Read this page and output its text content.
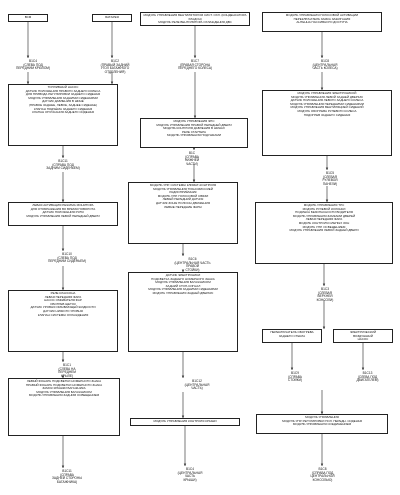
ВСМ	БАТАРЕЯ	МОДУЛЬ УПРАВЛЕНИЯ ВЕНТИЛЯТОРОМ СИСТ. ОХЛ. (КОНДЕНСАТОРА ХЛАДОН)
МОДУЛЬ РЕЛЕ ВЕНТИЛЯТОРА ОХЛАЖДЕНИЯ ДВС
МОДУЛЬ УПРАВЛЕНИЯ ГОЛОСОВОЙ АКТИВАЦИИ
ПЕРЕКЛЮЧАТЕЛЬ ЗАМКА ЗАЖИГАНИЯ
АНТЕННА ПАССИВНОГО ДОСТУПА
B1C4
(СЛЕВА ПОД
ПЕРЕДНИМ КРЫЛОМ)
B1C2
(ПРАВЫЙ ЗАДНИЙ
УГОЛ БАГАЖНОГО
ОТДЕЛЕНИЯ)
B1C7
(ПРАВАЯ СТОРОНА
ПЕРЕДНЕГО КОЛЕСА)
B1C8
(ЦЕНТРАЛЬНАЯ
ЧАСТЬ КОЛЕСА)
ТОПЛИВНЫЙ НАСОС
ДАТЧИК ПОЛОЖЕНИЯ ПРАВОГО ЗАДНЕГО КОЛЕСА
ДЛЯ ПРИВОДА РЕГУЛИРОВКИ ЗАДНЕГО СИДЕНЬЯ
МОДУЛЬ УПРАВЛЕНИЯ ЗАДНИМИ СИДЕНЬЯМИ
ДАТЧИК ДАВЛЕНИЯ В ШИНЕ
(ПРАВОЕ ЗАДНЕЕ, ЛЕВОЕ, ЗАДНЕЕ СИДЕНЬЕ)
КЛАПАН ПОДЪЁМА ЗАДНЕГО СИДЕНЬЯ
КЛАПАН ОПУСКАНИЯ ЗАДНЕГО СИДЕНЬЯ
МОДУЛЬ УПРАВЛЕНИЯ ЭПС
МОДУЛЬ УПРАВЛЕНИЯ ПРАВОЙ ПЕРЕДНЕЙ ДВЕРИ
МОДУЛЬ КОНТРОЛЯ ДАВЛЕНИЯ В ШИНАХ
РЕЛЕ СТАРТЕРА
МОДУЛЬ УПРАВЛЕНИЯ ПОДУШКАМИ
МОДУЛЬ УПРАВЛЕНИЯ ЭЛЕКТРОНИКОЙ
МОДУЛЬ УПРАВЛЕНИЯ ЛЕВОЙ ЗАДНЕЙ ДВЕРЬЮ
ДАТЧИК ПОЛОЖЕНИЯ ЛЕВОГО ЗАДНЕГО КОЛЕСА
МОДУЛЬ УПРАВЛЕНИЯ ПЕРЕДНИМИ СИДЕНЬЯМИ
МОДУЛЬ УПРАВЛЕНИЯ ВЕНТИЛЯЦИЕЙ СИДЕНИЙ
МОДУЛЬ ОБОГРЕВА РУЛЕВОГО КОЛЕСА
ПОДОГРЕВ ЗАДНЕГО СИДЕНЬЯ
B1C11
(СПРАВА ПОД
ЗАДНИМ СИДЕНЬЕМ)
B1C
(СПРАВА
НИЖНЕЙ
ЧАСТИ)
B1C5
(СЛЕВАЯ
РУЛЕВОЙ
ПАНЕЛИ)
МОДУЛЬ УПР. СИСТЕМЫ КЛИМАТ-КОНТРОЛЯ
МОДУЛЬ УПРАВЛЕНИЯ ТРАНСМИССИЕЙ
РАДИОПРИЁМНИК
МОДУЛЬ УПР. ГОЛОСОВОЙ СВЯЗИ
ЛЕВЫЙ ПЕРЕДНИЙ ДАТЧИК
ДАТЧИК ЗОНЫ ПОЛОСЫ ДВИЖЕНИЯ
ЛЕВЫЕ ПЕРЕДНИЕ ФАРЫ
ЛЕВАЯ АКТИВАЦИЯ РЕЖИМА МОНИТОРА
ДЛЯ ОТОБРАЖЕНИЯ ВО ВРЕМЯ ПОВОРОТА
ДАТЧИК ПОЛОЖЕНИЯ РУЛЯ
МОДУЛЬ УПРАВЛЕНИЯ ЛЕВОЙ ПЕРЕДНЕЙ ДВЕРИ
МОДУЛЬ УПРАВЛЕНИЯ ТРС
МОДУЛЬ РУЛЕВОЙ КОЛОНКИ
ПОДУШКА БЕЗОПАСНОСТИ ВОДИТЕЛЯ
МОДУЛЬ УПРАВЛЕНИЯ ЗАМКАМИ ДВЕРЕЙ
ЛЕВАЯ ПЕРЕДНЯЯ ФАРА
МОДУЛЬ КОНТРОЛЯ СЛЕПЫХ ЗОН
МОДУЛЬ УПР. ОСВЕЩЕНИЕМ
МОДУЛЬ УПРАВЛЕНИЯ ЛЕВОЙ ЗАДНЕЙ ДВЕРИ
B1C6
(ЦЕНТРАЛЬНАЯ ЧАСТЬ
ПРАВОЙ
СТОЙКИ)
B1C3
(СЛЕВАЯ
ВЕРХНЕЙ
КОНСОЛИ)
B1C10
(СЛЕВА ПОД
ПЕРЕДНИМ СИДЕНЬЕМ)
РЕЛЕ КЛАКСОНА
ЛЕВАЯ ПЕРЕДНЯЯ ФАРА
НАСОС ОМЫВАТЕЛЯ ФАР
ОБОГРЕВ ЩЕТОК
ДАТЧИК УРОВНЯ ОМЫВАЮЩЕЙ ЖИДКОСТИ
ДАТЧИК НИЗКОГО УРОВНЯ
КЛАПАН СИСТЕМЫ ОХЛАЖДЕНИЯ
ДАТЧИК ЭЛЕКТРОНИКИ
ПОДСВЕТКА ЗАДНЕГО НОМЕРНОГО ЗНАКА
МОДУЛЬ УПРАВЛЕНИЯ БАГАЖНИКОМ
ЗАДНИЙ СТОП-СИГНАЛ
МОДУЛЬ УПРАВЛЕНИЯ ЗАДНИМИ СИДЕНЬЯМИ
МОДУЛЬ УПРАВЛЕНИЯ ЗАДНЕЙ ДВЕРЬЮ
ПЕРЕКЛЮЧАТЕЛЬ ОБОГРЕВА
ЗАДНЕГО СТЕКЛА
ЭЛЕКТРИЧЕСКИЙ
ВОЗДУШНЫЙ
НАСОС
B1C1
(СЛЕВА НА
ПЕРЕДНЕМ
КРЫЛЕ)
B1C12
(ЦЕНТРАЛЬНАЯ
ЧАСТЬ)
B1C9
(СПРАВА
СТОЙКИ)
B1C13
(СЛЕВА ПОД
ДВИГАТЕЛЕМ)
ЛЕВЫЙ ФОНАРЬ ПОДСВЕТКИ НОМЕРНОГО ЗНАКА
ПРАВЫЙ ФОНАРЬ ПОДСВЕТКИ НОМЕРНОГО ЗНАКА
ЗАМОК КРЫШКИ БАГАЖНИКА
МОДУЛЬ УПРАВЛЕНИЯ БАГАЖНИКОМ
МОДУЛЬ УПРАВЛЕНИЯ ЗАДНИМ ОСВЕЩЕНИЕМ
МОДУЛЬ УПРАВЛЕНИЯ КОНТРОЛЯ КРЫШИ
МОДУЛЬ УПРАВЛЕНИЯ
МОДУЛЬ УПР. РЕГУЛИРОВКИ ПОЛ. ПЕРЕДН. СИДЕНЬЯ
МОДУЛЬ УПРАВЛЕНИЯ СОЕДИНЕНИЕМ
B1C11
(СПРАВА
ЗАДНЕЙ СТОРОНЫ
БАГАЖНИКА)
B1C4
(ЦЕНТРАЛЬНАЯ
ЧАСТЬ
КРЫШИ)
B1C8
(СПРАВА ПОД
ЦЕНТРАЛЬНОЙ
КОНСОЛЬЮ)
